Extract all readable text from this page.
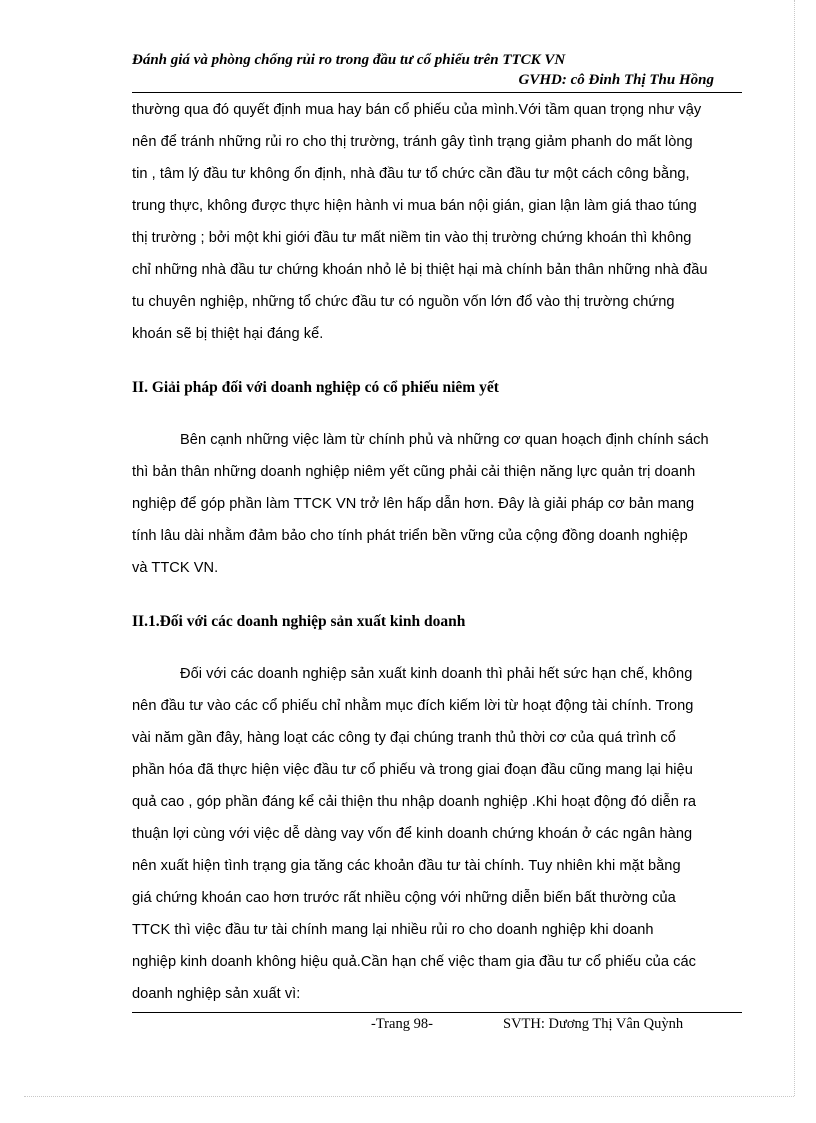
Đánh giá và phòng chống rủi ro trong đầu tư cổ phiếu trên TTCK VN
GVHD: cô Đinh Thị Thu Hồng
thường qua đó quyết định mua hay bán cổ phiếu của mình.Với tầm quan trọng như vậy
nên để tránh những rủi ro cho thị trường, tránh gây tình trạng giảm phanh do mất lòng
tin , tâm lý đầu tư không ổn định, nhà đầu tư tổ chức cần đầu tư một cách công bằng,
trung thực, không được thực hiện hành vi mua bán nội gián, gian lận làm giá thao túng
thị trường ; bởi một khi giới đầu tư mất niềm tin vào thị trường chứng khoán thì không
chỉ những nhà đầu tư chứng khoán nhỏ lẻ bị thiệt hại mà chính bản thân những nhà đầu
tu chuyên nghiệp, những tổ chức đầu tư có nguồn vốn lớn đổ vào thị trường chứng
khoán sẽ bị thiệt hại đáng kể.
II. Giải pháp đối với doanh nghiệp có cổ phiếu niêm yết
Bên cạnh những việc làm từ chính phủ và những cơ quan hoạch định chính sách
thì bản thân những doanh nghiệp niêm yết cũng phải cải thiện năng lực quản trị doanh
nghiệp để góp phần làm TTCK VN trở lên hấp dẫn hơn. Đây là giải pháp cơ bản mang
tính lâu dài nhằm đảm bảo cho tính phát triển bền vững của cộng đồng doanh nghiệp
và TTCK VN.
II.1.Đối với các doanh nghiệp sản xuất kinh doanh
Đối với các doanh nghiệp sản xuất kinh doanh thì phải hết sức hạn chế, không
nên đầu tư vào các cổ phiếu chỉ nhằm mục đích kiếm lời từ hoạt động tài chính. Trong
vài năm gần đây, hàng loạt các công ty đại chúng tranh thủ thời cơ của quá trình cổ
phần hóa đã thực hiện việc đầu tư cổ phiếu và trong giai đoạn đầu cũng mang lại hiệu
quả cao , góp phần đáng kể cải thiện thu nhập doanh nghiệp .Khi hoạt động đó diễn ra
thuận lợi cùng với việc dễ dàng vay vốn để kinh doanh chứng khoán ở các ngân hàng
nên xuất hiện tình trạng gia tăng các khoản đầu tư tài chính. Tuy nhiên khi mặt bằng
giá chứng khoán cao hơn trước rất nhiều cộng với những diễn biến bất thường của
TTCK thì việc đầu tư tài chính mang lại nhiều rủi ro cho doanh nghiệp khi doanh
nghiệp kinh doanh không hiệu quả.Cần hạn chế việc tham gia đầu tư cổ phiếu của các
doanh nghiệp sản xuất vì:
-Trang 98-	SVTH: Dương Thị Vân Quỳnh
